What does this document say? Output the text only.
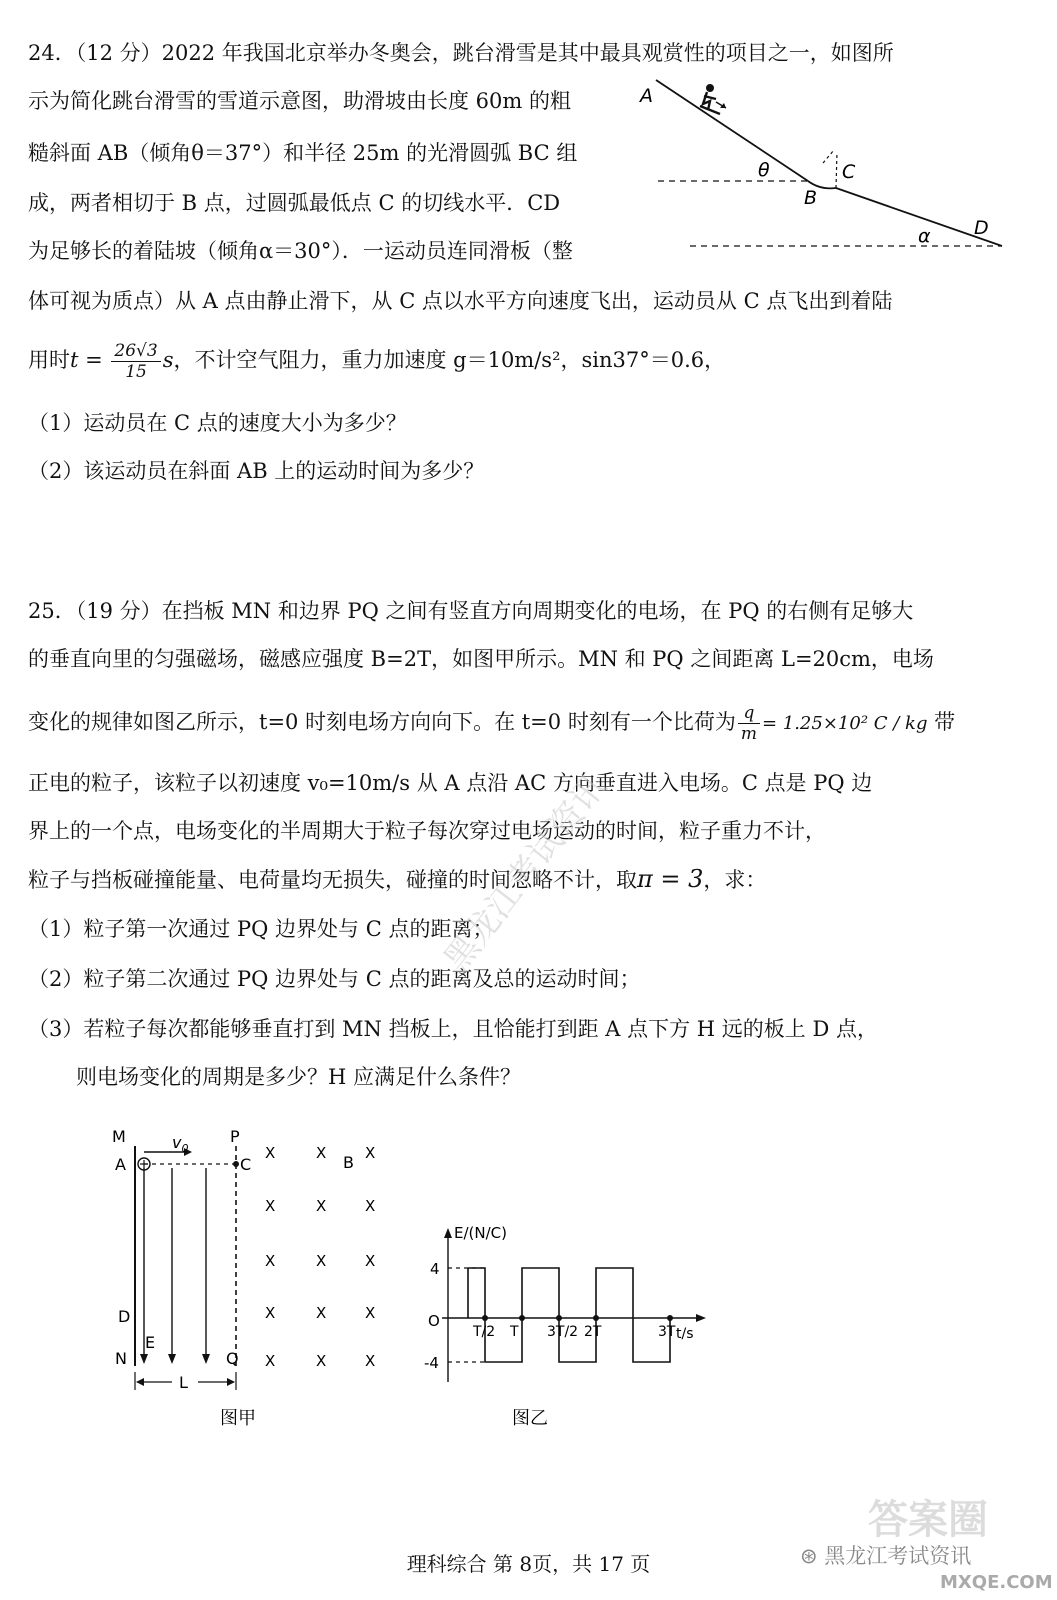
24．（12 分）2022 年我国北京举办冬奥会，跳台滑雪是其中最具观赏性的项目之一，如图所
示为简化跳台滑雪的雪道示意图，助滑坡由长度 60m 的粗
糙斜面 AB（倾角θ＝37°）和半径 25m 的光滑圆弧 BC 组
成，两者相切于 B 点，过圆弧最低点 C 的切线水平．CD
为足够长的着陆坡（倾角α＝30°）．一运动员连同滑板（整
体可视为质点）从 A 点由静止滑下，从 C 点以水平方向速度飞出，运动员从 C 点飞出到着陆
用时$t = \frac{26√3}{15}$ s，不计空气阻力，重力加速度 g＝10m/s²，sin37°＝0.6，
（1）运动员在 C 点的速度大小为多少？
（2）该运动员在斜面 AB 上的运动时间为多少？
A
B
C
D
θ
α
25．（19 分）在挡板 MN 和边界 PQ 之间有竖直方向周期变化的电场，在 PQ 的右侧有足够大
的垂直向里的匀强磁场，磁感应强度 B=2T，如图甲所示。MN 和 PQ 之间距离 L=20cm，电场
变化的规律如图乙所示，t=0 时刻电场方向向下。在 t=0 时刻有一个比荷为 $\frac{q}{m} = 1.25\times 10^2$ C / kg 带
正电的粒子，该粒子以初速度 v₀=10m/s 从 A 点沿 AC 方向垂直进入电场。C 点是 PQ 边
界上的一个点，电场变化的半周期大于粒子每次穿过电场运动的时间，粒子重力不计，
粒子与挡板碰撞能量、电荷量均无损失，碰撞的时间忽略不计，取π = 3，求：
（1）粒子第一次通过 PQ 边界处与 C 点的距离；
（2）粒子第二次通过 PQ 边界处与 C 点的距离及总的运动时间；
（3）若粒子每次都能够垂直打到 MN 挡板上，且恰能打到距 A 点下方 H 远的板上 D 点，
则电场变化的周期是多少？H 应满足什么条件？
M
A
D
N
E
P
C
Q
B
L
$v_0$	X	X	X
X	X	X
X	X	X
X	X	X
X	X	X
图甲
T/2 T 3T/2 2T	3T
E/(N/C)
4
-4
O
t/s
图乙
理科综合 第 8页，共 17 页
黑龙江考试资讯
答案圈
⊛ 黑龙江考试资讯
MXQE.COM
